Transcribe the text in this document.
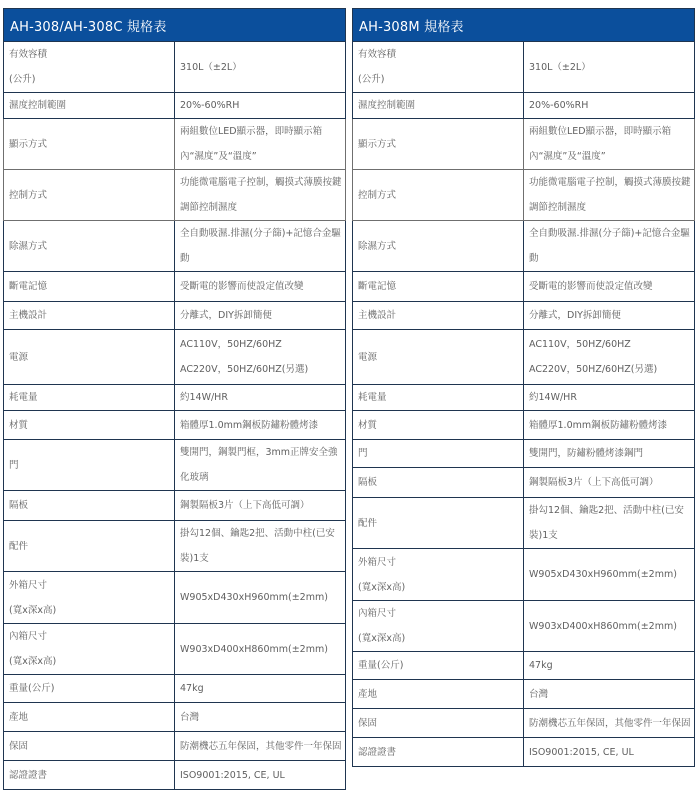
AH-308/AH-308C 規格表	

有效容積
(公升)	310L（±2L）
濕度控制範圍	20%-60%RH
顯示方式	兩組數位LED顯示器，即時顯示箱內“濕度”及“溫度”
控制方式	功能微電腦電子控制，觸摸式薄膜按鍵調節控制濕度
除濕方式	全自動吸濕.排濕(分子篩)+記憶合金驅動
斷電記憶	受斷電的影響而使設定值改變
主機設計	分離式，DIY拆卸簡便
電源	AC110V，50HZ/60HZ
AC220V，50HZ/60HZ(另選)

耗電量	約14W/HR
材質	箱體厚1.0mm鋼板防鏽粉體烤漆
門	雙開門，鋼製門框，3mm正牌安全強化玻璃
隔板	鋼製隔板3片（上下高低可調）
配件	掛勾12個、鑰匙2把、活動中柱(已安裝)1支

外箱尺寸
(寬x深x高)	W905xD430xH960mm(±2mm)

內箱尺寸
(寬x深x高)	W903xD400xH860mm(±2mm)
重量(公斤)	47kg
產地	台灣
保固	防潮機芯五年保固，其他零件一年保固
認證證書	ISO9001:2015, CE, UL
AH-308M 規格表	

有效容積
(公升)	310L（±2L）
濕度控制範圍	20%-60%RH
顯示方式	兩組數位LED顯示器，即時顯示箱內“濕度”及“溫度”
控制方式	功能微電腦電子控制，觸摸式薄膜按鍵調節控制濕度
除濕方式	全自動吸濕.排濕(分子篩)+記憶合金驅動
斷電記憶	受斷電的影響而使設定值改變
主機設計	分離式，DIY拆卸簡便
電源	AC110V，50HZ/60HZ
AC220V，50HZ/60HZ(另選)

耗電量	約14W/HR
材質	箱體厚1.0mm鋼板防鏽粉體烤漆
門	雙開門，防鏽粉體烤漆鋼門
隔板	鋼製隔板3片（上下高低可調）
配件	掛勾12個、鑰匙2把、活動中柱(已安裝)1支

外箱尺寸
(寬x深x高)	W905xD430xH960mm(±2mm)

內箱尺寸
(寬x深x高)	W903xD400xH860mm(±2mm)
重量(公斤)	47kg
產地	台灣
保固	防潮機芯五年保固，其他零件一年保固
認證證書	ISO9001:2015, CE, UL
